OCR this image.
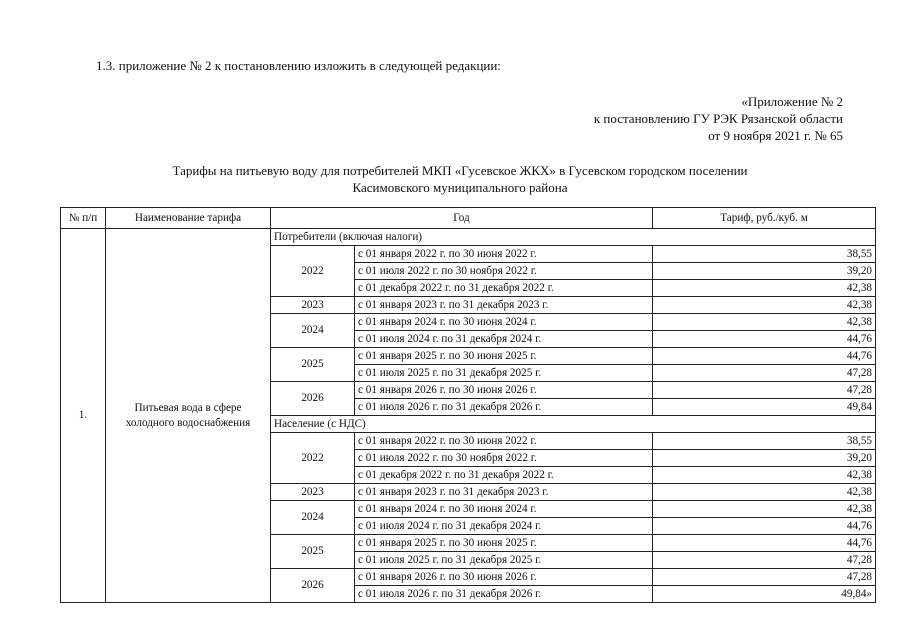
1.3. приложение № 2 к постановлению изложить в следующей редакции:
«Приложение № 2
к постановлению ГУ РЭК Рязанской области
от 9 ноября 2021 г. № 65
Тарифы на питьевую воду для потребителей МКП «Гусевское ЖКХ» в Гусевском городском поселении
Касимовского муниципального района
№ п/п	Наименование тарифа	Год		Тариф, руб./куб. м
1.	Питьевая вода в сфере холодного водоснабжения	Потребители (включая налоги)		
		2022	с 01 января 2022 г. по 30 июня 2022 г.	38,55
			с 01 июля 2022 г. по 30 ноября 2022 г.	39,20
			с 01 декабря 2022 г. по 31 декабря 2022 г.	42,38
		2023	с 01 января 2023 г. по 31 декабря 2023 г.	42,38
		2024	с 01 января 2024 г. по 30 июня 2024 г.	42,38
			с 01 июля 2024 г. по 31 декабря 2024 г.	44,76
		2025	с 01 января 2025 г. по 30 июня 2025 г.	44,76
			с 01 июля 2025 г. по 31 декабря 2025 г.	47,28
		2026	с 01 января 2026 г. по 30 июня 2026 г.	47,28
			с 01 июля 2026 г. по 31 декабря 2026 г.	49,84
		Население (с НДС)		
		2022	с 01 января 2022 г. по 30 июня 2022 г.	38,55
			с 01 июля 2022 г. по 30 ноября 2022 г.	39,20
			с 01 декабря 2022 г. по 31 декабря 2022 г.	42,38
		2023	с 01 января 2023 г. по 31 декабря 2023 г.	42,38
		2024	с 01 января 2024 г. по 30 июня 2024 г.	42,38
			с 01 июля 2024 г. по 31 декабря 2024 г.	44,76
		2025	с 01 января 2025 г. по 30 июня 2025 г.	44,76
			с 01 июля 2025 г. по 31 декабря 2025 г.	47,28
		2026	с 01 января 2026 г. по 30 июня 2026 г.	47,28
			с 01 июля 2026 г. по 31 декабря 2026 г.	49,84»
